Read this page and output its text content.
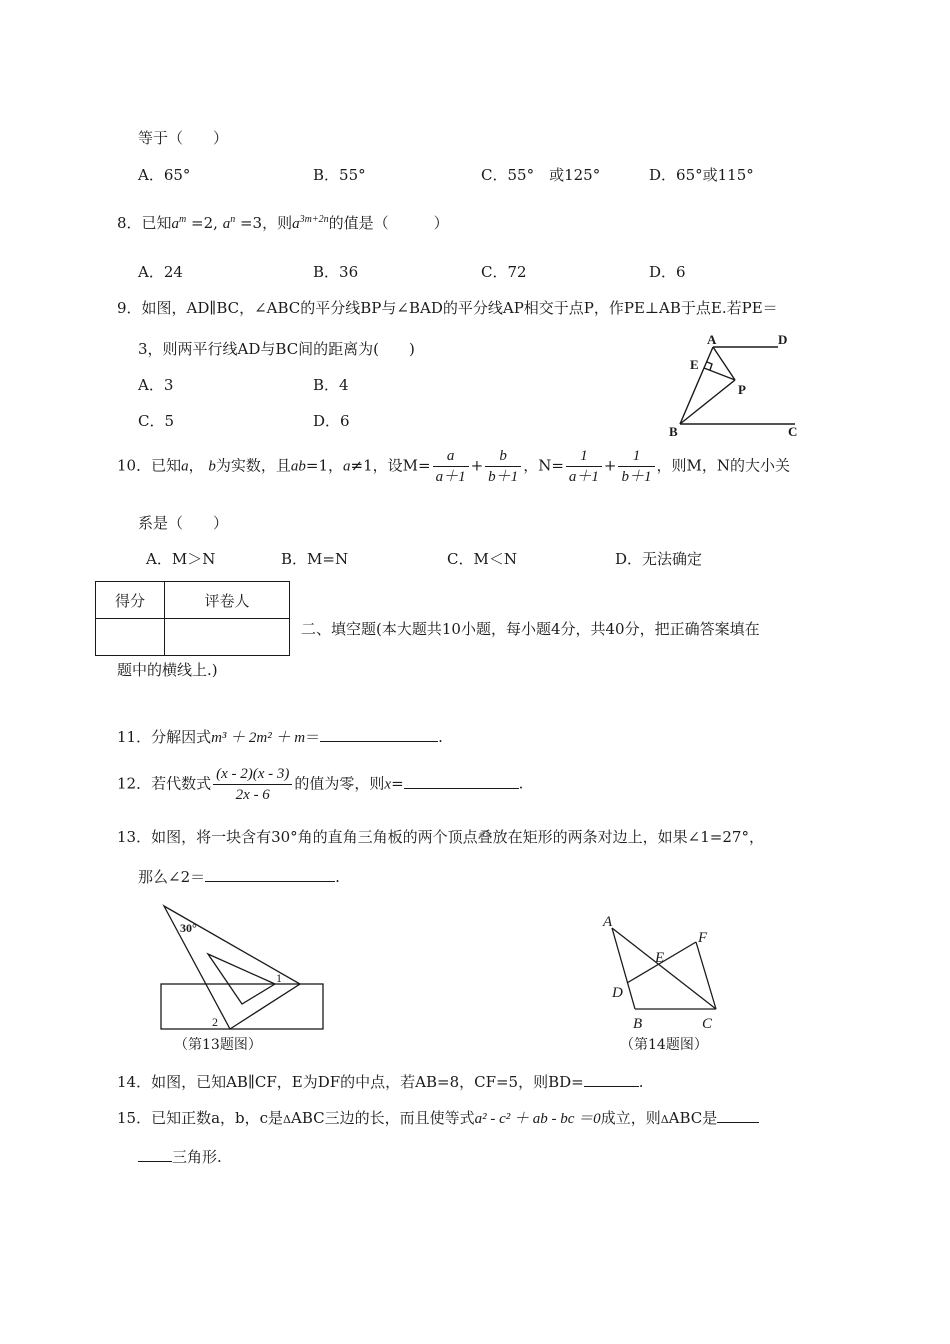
等于（　　）
A．65°	B．55°	C．55°　或125°	D．65°或115°
8．已知$a^m =2$, $a^n =3$，则$a^{3m+2n}$的值是（　　　）
A．24	B．36	C．72	D．6
9．如图，AD∥BC，∠ABC的平分线BP与∠BAD的平分线AP相交于点P，作PE⊥AB于点E.若PE＝
3，则两平行线AD与BC间的距离为(　　)
A．3	B．4
C．5	D．6
A	D
E
P
B	C
10．已知a， b为实数，且ab=1，a≠1，设$M= \frac{a}{a+1} + \frac{b}{b+1}$ ，$N= \frac{1}{a+1} + \frac{1}{b+1}$ ，则M，N的大小关
系是（　　）
A．M＞N	B．M=N	C．M＜N	D．无法确定
得分	评卷人

二、填空题(本大题共10小题，每小题4分，共40分，把正确答案填在
题中的横线上.)
11．分解因式m³ ＋ 2m² ＋ m＝	.
12．若代数式 $\frac{(x - 2)(x - 3)}{2x - 6}$ 的值为零，则x=	.
13．如图，将一块含有30°角的直角三角板的两个顶点叠放在矩形的两条对边上，如果∠1=27°，
那么∠2＝	.
30°
1
2
（第13题图）
A
F
E
D
B	C
（第14题图）
14．如图，已知AB∥CF，E为DF的中点，若AB=8，CF=5，则BD=	.
15．已知正数a，b，c是ΔABC三边的长，而且使等式a² - c² ＋ ab - bc ＝0成立，则ΔABC是
三角形.
